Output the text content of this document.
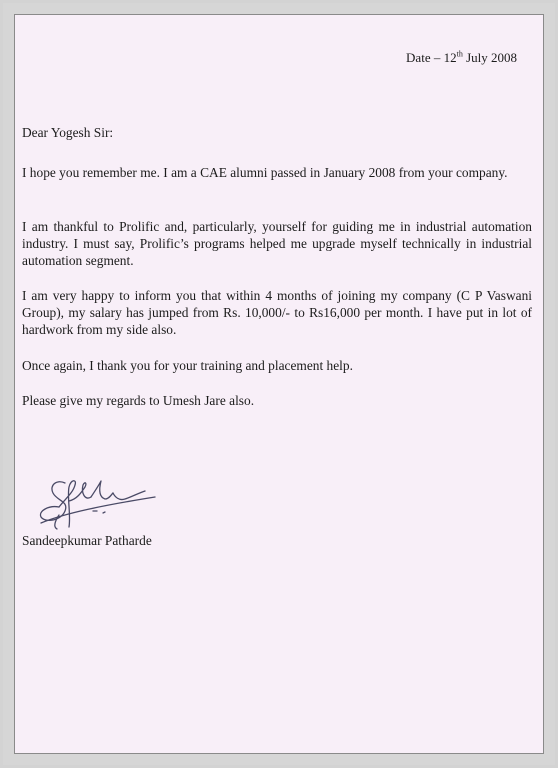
Date – 12th July 2008
Dear Yogesh Sir:
I hope you remember me. I am a CAE alumni passed in January 2008 from your company.
I am thankful to Prolific and, particularly, yourself for guiding me in industrial automation industry. I must say, Prolific’s programs helped me upgrade myself technically in industrial automation segment.
I am very happy to inform you that within 4 months of joining my company (C P Vaswani Group), my salary has jumped from Rs. 10,000/- to Rs16,000 per month. I have put in lot of hardwork from my side also.
Once again, I thank you for your training and placement help.
Please give my regards to Umesh Jare also.
Sandeepkumar Patharde
